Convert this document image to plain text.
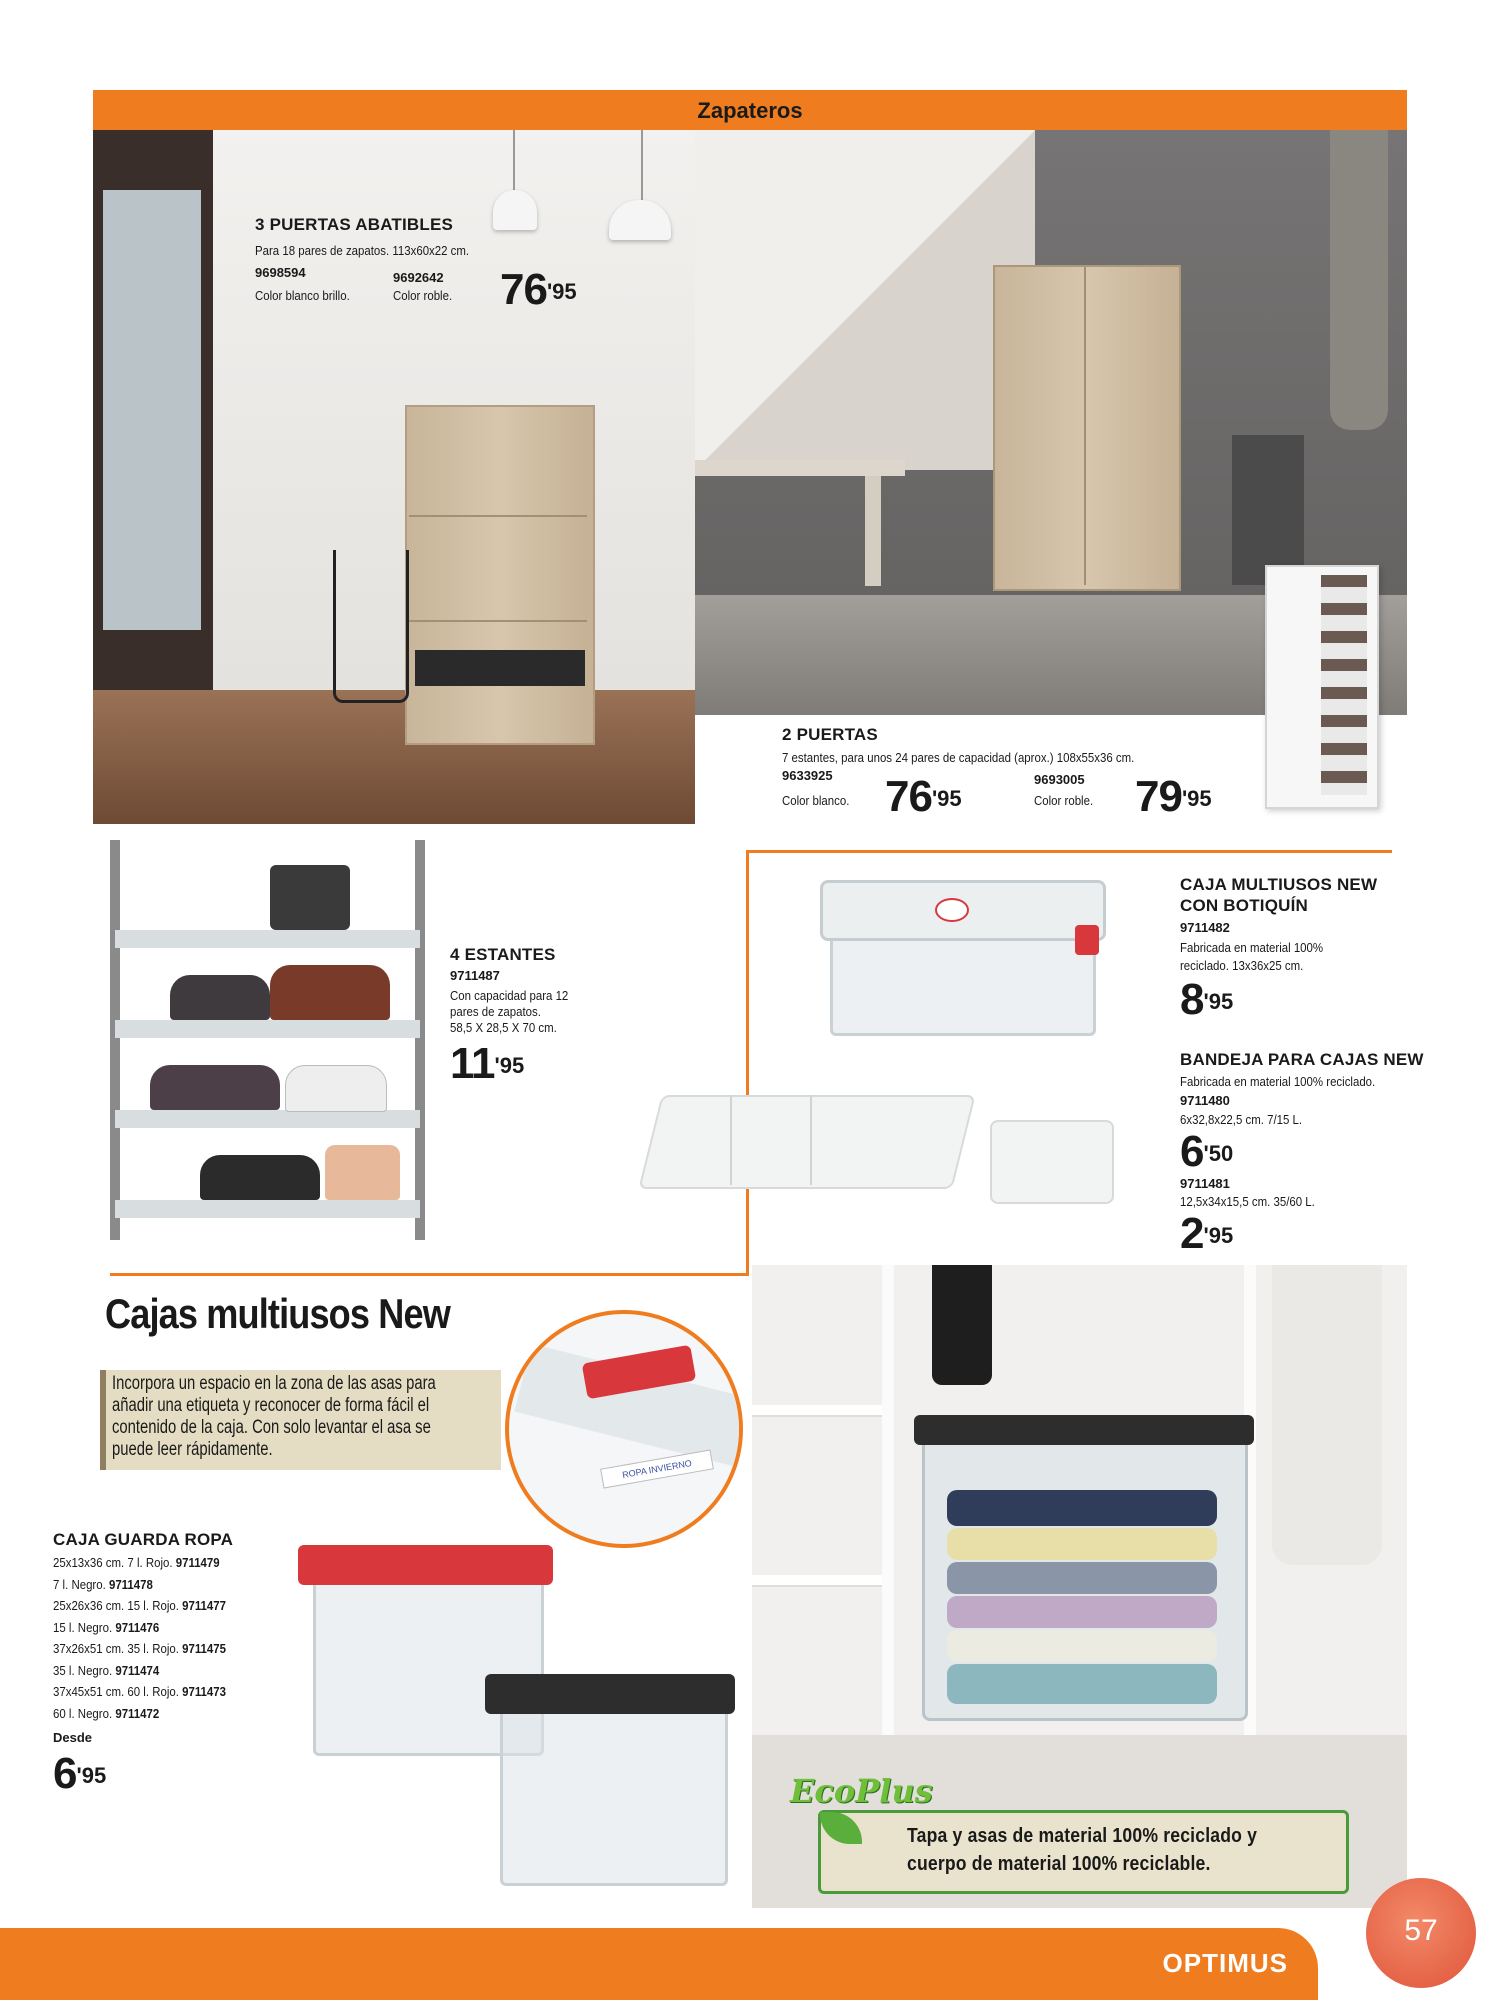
Zapateros
3 PUERTAS ABATIBLES
Para 18 pares de zapatos. 113x60x22 cm.
9698594	9692642
Color blanco brillo.	Color roble. $76^{'95}$
2 PUERTAS
7 estantes, para unos 24 pares de capacidad (aprox.) 108x55x36 cm.
9633925
Color blanco. $76^{'95}$
9693005
Color roble. $79^{'95}$
4 ESTANTES
9711487
Con capacidad para 12
pares de zapatos.
58,5 X 28,5 X 70 cm.
$11^{'95}$
CAJA MULTIUSOS NEW
CON BOTIQUÍN
9711482
Fabricada en material 100%
reciclado. 13x36x25 cm.
$8^{'95}$
BANDEJA PARA CAJAS NEW
Fabricada en material 100% reciclado.
9711480
6x32,8x22,5 cm. 7/15 L.
$6^{'50}$
9711481
12,5x34x15,5 cm. 35/60 L.
$2^{'95}$
Cajas multiusos New
Incorpora un espacio en la zona de las asas para
añadir una etiqueta y reconocer de forma fácil el
contenido de la caja. Con solo levantar el asa se
puede leer rápidamente.
ROPA INVIERNO
CAJA GUARDA ROPA
25x13x36 cm. 7 l. Rojo. 9711479
7 l. Negro. 9711478
25x26x36 cm. 15 l. Rojo. 9711477
15 l. Negro. 9711476
37x26x51 cm. 35 l. Rojo. 9711475
35 l. Negro. 9711474
37x45x51 cm. 60 l. Rojo. 9711473
60 l. Negro. 9711472
Desde
$6^{'95}$
Tapa y asas de material 100% reciclado y
cuerpo de material 100% reciclable.
EcoPlus
OPTIMUS
57
